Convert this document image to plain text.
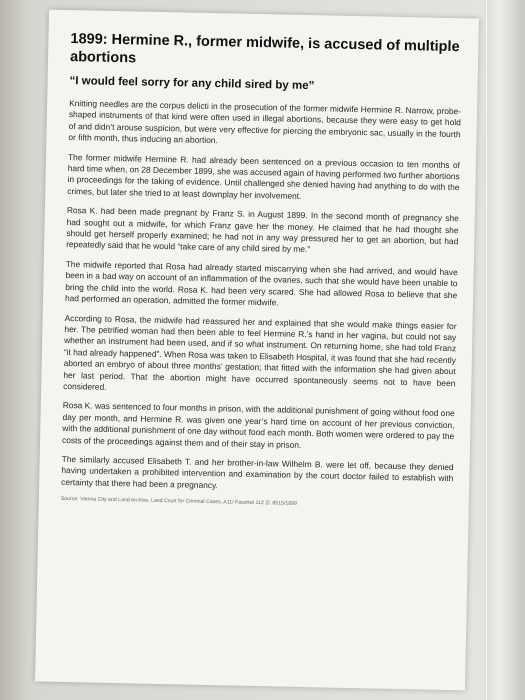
1899: Hermine R., former midwife, is accused of multiple abortions
“I would feel sorry for any child sired by me”

Knitting needles are the corpus delicti in the prosecution of the former midwife Hermine R. Narrow, probe-shaped instruments of that kind were often used in illegal abortions, because they were easy to get hold of and didn’t arouse suspicion, but were very effective for piercing the embryonic sac, usually in the fourth or fifth month, thus inducing an abortion.

The former midwife Hermine R. had already been sentenced on a previous occasion to ten months of hard time when, on 28 December 1899, she was accused again of having performed two further abortions in proceedings for the taking of evidence. Until challenged she denied having had anything to do with the crimes, but later she tried to at least downplay her involvement.

Rosa K. had been made pregnant by Franz S. in August 1899. In the second month of pregnancy she had sought out a midwife, for which Franz gave her the money. He claimed that he had thought she should get herself properly examined; he had not in any way pressured her to get an abortion, but had repeatedly said that he would “take care of any child sired by me.”

The midwife reported that Rosa had already started miscarrying when she had arrived, and would have been in a bad way on account of an inflammation of the ovaries, such that she would have been unable to bring the child into the world. Rosa K. had been very scared. She had allowed Rosa to believe that she had performed an operation, admitted the former midwife.

According to Rosa, the midwife had reassured her and explained that she would make things easier for her. The petrified woman had then been able to feel Hermine R.’s hand in her vagina, but could not say whether an instrument had been used, and if so what instrument. On returning home, she had told Franz “it had already happened”. When Rosa was taken to Elisabeth Hospital, it was found that she had recently aborted an embryo of about three months’ gestation; that fitted with the information she had given about her last period. That the abortion might have occurred spontaneously seems not to have been considered.

Rosa K. was sentenced to four months in prison, with the additional punishment of going without food one day per month, and Hermine R. was given one year’s hard time on account of her previous conviction, with the additional punishment of one day without food each month. Both women were ordered to pay the costs of the proceedings against them and of their stay in prison.

The similarly accused Elisabeth T. and her brother-in-law Wilhelm B. were let off, because they denied having undertaken a prohibited intervention and examination by the court doctor failed to establish with certainty that there had been a pregnancy.

Source: Vienna City and Land Archive, Land Court for Criminal Cases, A11/ Faszikel 112 Zl. 8515/1899
